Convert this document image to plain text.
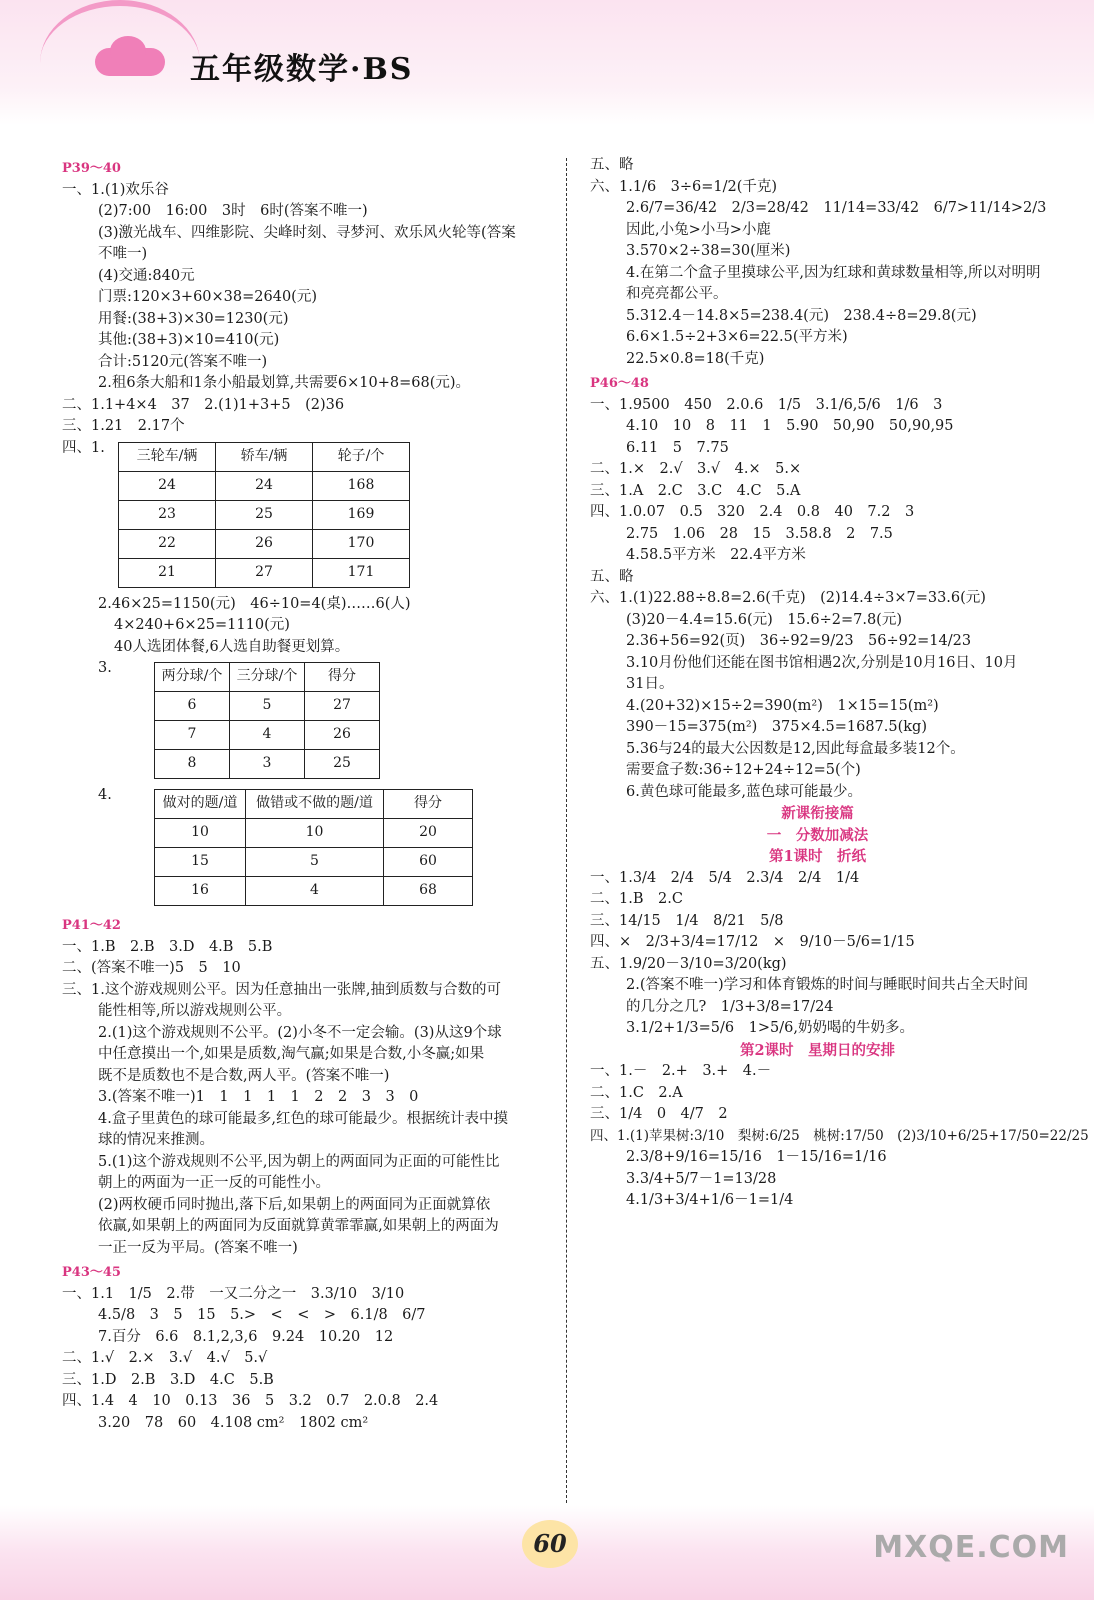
五年级数学·BS
P39～40
一、1.(1)欢乐谷
(2)7:00　16:00　3时　6时(答案不唯一)
(3)激光战车、四维影院、尖峰时刻、寻梦河、欢乐风火轮等(答案
不唯一)
(4)交通:840元
门票:120×3+60×38=2640(元)
用餐:(38+3)×30=1230(元)
其他:(38+3)×10=410(元)
合计:5120元(答案不唯一)
2.租6条大船和1条小船最划算,共需要6×10+8=68(元)。
二、1.1+4×4　37　2.(1)1+3+5　(2)36
三、1.21　2.17个
四、1.
三轮车/辆	轿车/辆	轮子/个
24	24	168
23	25	169
22	26	170
21	27	171
2.46×25=1150(元)　46÷10=4(桌)……6(人)
4×240+6×25=1110(元)
40人选团体餐,6人选自助餐更划算。
3.
两分球/个	三分球/个	得分
6	5	27
7	4	26
8	3	25
4.
做对的题/道	做错或不做的题/道	得分
10	10	20
15	5	60
16	4	68
P41～42
一、1.B　2.B　3.D　4.B　5.B
二、(答案不唯一)5　5　10
三、1.这个游戏规则公平。因为任意抽出一张牌,抽到质数与合数的可
能性相等,所以游戏规则公平。
2.(1)这个游戏规则不公平。(2)小冬不一定会输。(3)从这9个球
中任意摸出一个,如果是质数,淘气赢;如果是合数,小冬赢;如果
既不是质数也不是合数,两人平。(答案不唯一)
3.(答案不唯一)1　1　1　1　1　2　2　3　3　0
4.盒子里黄色的球可能最多,红色的球可能最少。根据统计表中摸
球的情况来推测。
5.(1)这个游戏规则不公平,因为朝上的两面同为正面的可能性比
朝上的两面为一正一反的可能性小。
(2)两枚硬币同时抛出,落下后,如果朝上的两面同为正面就算依
依赢,如果朝上的两面同为反面就算黄霏霏赢,如果朝上的两面为
一正一反为平局。(答案不唯一)
P43～45
一、1.1　1/5　2.带　一又二分之一　3.3/10　3/10
4.5/8　3　5　15　5.>　<　<　>　6.1/8　6/7
7.百分　6.6　8.1,2,3,6　9.24　10.20　12
二、1.√　2.×　3.√　4.√　5.√
三、1.D　2.B　3.D　4.C　5.B
四、1.4　4　10　0.13　36　5　3.2　0.7　2.0.8　2.4
3.20　78　60　4.108 cm²　1802 cm²
五、略
六、1.1/6　3÷6=1/2(千克)
2.6/7=36/42　2/3=28/42　11/14=33/42　6/7>11/14>2/3
因此,小兔>小马>小鹿
3.570×2÷38=30(厘米)
4.在第二个盒子里摸球公平,因为红球和黄球数量相等,所以对明明
和亮亮都公平。
5.312.4－14.8×5=238.4(元)　238.4÷8=29.8(元)
6.6×1.5÷2+3×6=22.5(平方米)
22.5×0.8=18(千克)
P46～48
一、1.9500　450　2.0.6　1/5　3.1/6,5/6　1/6　3
4.10　10　8　11　1　5.90　50,90　50,90,95
6.11　5　7.75
二、1.×　2.√　3.√　4.×　5.×
三、1.A　2.C　3.C　4.C　5.A
四、1.0.07　0.5　320　2.4　0.8　40　7.2　3
2.75　1.06　28　15　3.58.8　2　7.5
4.58.5平方米　22.4平方米
五、略
六、1.(1)22.88÷8.8=2.6(千克)　(2)14.4÷3×7=33.6(元)
(3)20－4.4=15.6(元)　15.6÷2=7.8(元)
2.36+56=92(页)　36÷92=9/23　56÷92=14/23
3.10月份他们还能在图书馆相遇2次,分别是10月16日、10月
31日。
4.(20+32)×15÷2=390(m²)　1×15=15(m²)
390－15=375(m²)　375×4.5=1687.5(kg)
5.36与24的最大公因数是12,因此每盒最多装12个。
需要盒子数:36÷12+24÷12=5(个)
6.黄色球可能最多,蓝色球可能最少。
新课衔接篇
一　分数加减法
第1课时　折纸
一、1.3/4　2/4　5/4　2.3/4　2/4　1/4
二、1.B　2.C
三、14/15　1/4　8/21　5/8
四、×　2/3+3/4=17/12　×　9/10－5/6=1/15
五、1.9/20－3/10=3/20(kg)
2.(答案不唯一)学习和体育锻炼的时间与睡眠时间共占全天时间
的几分之几?　1/3+3/8=17/24
3.1/2+1/3=5/6　1>5/6,奶奶喝的牛奶多。
第2课时　星期日的安排
一、1.－　2.+　3.+　4.－
二、1.C　2.A
三、1/4　0　4/7　2
四、1.(1)苹果树:3/10　梨树:6/25　桃树:17/50　(2)3/10+6/25+17/50=22/25
2.3/8+9/16=15/16　1－15/16=1/16
3.3/4+5/7－1=13/28
4.1/3+3/4+1/6－1=1/4
60	MXQE.COM
